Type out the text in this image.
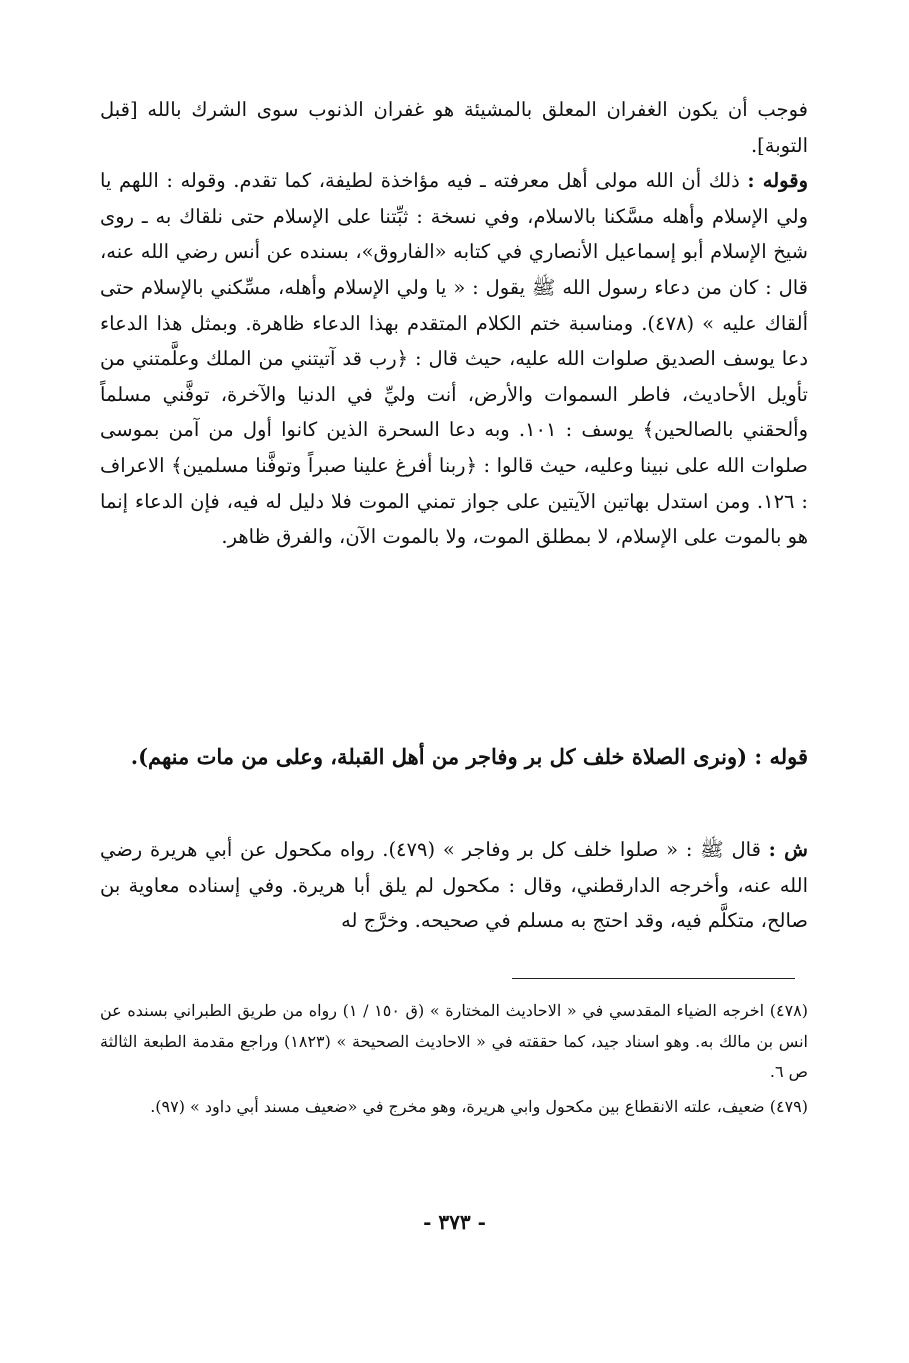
فوجب أن يكون الغفران المعلق بالمشيئة هو غفران الذنوب سوى الشرك بالله [قبل التوبة].

وقوله : ذلك أن الله مولى أهل معرفته ـ فيه مؤاخذة لطيفة، كما تقدم. وقوله : اللهم يا ولي الإسلام وأهله مسَّكنا بالاسلام، وفي نسخة : ثبِّتنا على الإسلام حتى نلقاك به ـ روى شيخ الإسلام أبو إسماعيل الأنصاري في كتابه «الفاروق»، بسنده عن أنس رضي الله عنه، قال : كان من دعاء رسول الله ﷺ يقول : « يا ولي الإسلام وأهله، مسِّكني بالإسلام حتى ألقاك عليه » (٤٧٨). ومناسبة ختم الكلام المتقدم بهذا الدعاء ظاهرة. وبمثل هذا الدعاء دعا يوسف الصديق صلوات الله عليه، حيث قال : ﴿رب قد آتيتني من الملك وعلَّمتني من تأويل الأحاديث، فاطر السموات والأرض، أنت وليِّ في الدنيا والآخرة، توفَّني مسلماً وألحقني بالصالحين﴾ يوسف : ١٠١. وبه دعا السحرة الذين كانوا أول من آمن بموسى صلوات الله على نبينا وعليه، حيث قالوا : ﴿ربنا أفرغ علينا صبراً وتوفَّنا مسلمين﴾ الاعراف : ١٢٦. ومن استدل بهاتين الآيتين على جواز تمني الموت فلا دليل له فيه، فإن الدعاء إنما هو بالموت على الإسلام، لا بمطلق الموت، ولا بالموت الآن، والفرق ظاهر.

قوله : (ونرى الصلاة خلف كل بر وفاجر من أهل القبلة، وعلى من مات منهم).

ش : قال ﷺ : « صلوا خلف كل بر وفاجر » (٤٧٩). رواه مكحول عن أبي هريرة رضي الله عنه، وأخرجه الدارقطني، وقال : مكحول لم يلق أبا هريرة. وفي إسناده معاوية بن صالح، متكلَّم فيه، وقد احتج به مسلم في صحيحه. وخرَّج له

(٤٧٨) اخرجه الضياء المقدسي في « الاحاديث المختارة » (ق ١٥٠ / ١) رواه من طريق الطبراني بسنده عن انس بن مالك به. وهو اسناد جيد، كما حققته في « الاحاديث الصحيحة » (١٨٢٣) وراجع مقدمة الطبعة الثالثة ص ٦.

(٤٧٩) ضعيف، علته الانقطاع بين مكحول وابي هريرة، وهو مخرج في «ضعيف مسند أبي داود » (٩٧).

- ٣٧٣ -
